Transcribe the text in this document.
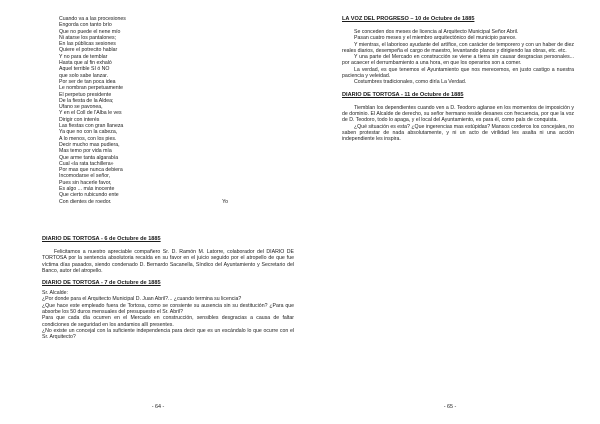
Cuando va a las procesiones
Engorda con tanto brío
Que no puede el nene mío
Ni atarse los pantalones;
En las públicas sesiones
Quiere el potrecito hablar
Y no para de temblar
Hasta que al fin exhaló
Aquel terrible SI ó NO
que solo sabe lanzar.
Por ser de tan poca idea
Le nombran perpetuamente
El perpetuo presidente
De la fiesta de la Aldea;
Ufano se pavonea,
Y en el Coll de l'Alba le ves
Dirigir con interés
Las fiestas con gran llaneza
Ya que no con la cabeza,
A lo menos, con los pies.
Decir mucho mas pudiera,
Mas temo por vida mía
Que arme tanta algarabía
Cual «la rata tachillera»
Por mas que nunca debiera
Incomodarse el señor,
Pues sin hacerle favor,
Es algo ... más inocente
Que cierto rubicundo ente
Con dientes de roedor.	Yo
DIARIO DE TORTOSA - 6 de Octubre de 1885
Felicitamos a nuestro apreciable compañero Sr. D. Ramón M. Latorre, colaborador del DIARIO DE TORTOSA por la sentencia absolutoria recaída en su favor en el juicio seguido por el atropello de que fue víctima días pasados, siendo condenado D. Bernardo Sacanella, Síndico del Ayuntamiento y Secretario del Banco, autor del atropello.
DIARIO DE TORTOSA - 7 de Octubre de 1885
Sr. Alcalde:
¿Por donde para el Arquitecto Municipal D. Juan Abril?... ¿cuando termina su licencia?
¿Que hace este empleado fuera de Tortosa, como se consiente su ausencia sin su destitución? ¿Para que absorbe los 50 duros mensuales del presupuesto el Sr. Abril?
Para que cada día ocurren en el Mercado en construcción, sensibles desgracias a causa de faltar condiciones de seguridad en los andamios allí presentes.
¿No existe un concejal con la suficiente independencia para decir que es un escándalo lo que ocurre con el Sr. Arquitecto?
LA VOZ DEL PROGRESO – 10 de Octubre de 1885
Se conceden dos meses de licencia al Arquitecto Municipal Señor Abril.
Pasan cuatro meses y el miembro arquitectónico del municipio parece.
Y mientras, el laborioso ayudante del artífice, con carácter de temporero y con un haber de diez reales diarios, desempeña el cargo de maestro, levantando planos y dirigiendo las obras, etc. etc.
Y una parte del Mercado en construcción se viene a tierra sin causar desgracias personales... por acaecer el derrumbamiento a una hora, en que los operarios son a comer.
La verdad, es que tenemos el Ayuntamiento que nos merecemos, en justo castigo a nuestra paciencia y veleidad.
Costumbres tradicionales, como diría La Verdad.
DIARIO DE TORTOSA - 11 de Octubre de 1885
Tiemblan los dependientes cuando ven a D. Teodoro aglanse en los momentos de imposición y de dominio. El Alcalde de derecho, su señor hermano reside desanes con frecuencia, por que la voz de D. Teodoro, todo lo apaga, y el local del Ayuntamiento, es para él, como país de conquista.
¿Qué situación es esta? ¿Que ingerencias mas estúpidas? Mansos corderos los concejales, no saben protestar de nada absolutamente, y ni un acto de virilidad les asalta ni una acción independiente les inspira.
- 64 -	- 65 -
